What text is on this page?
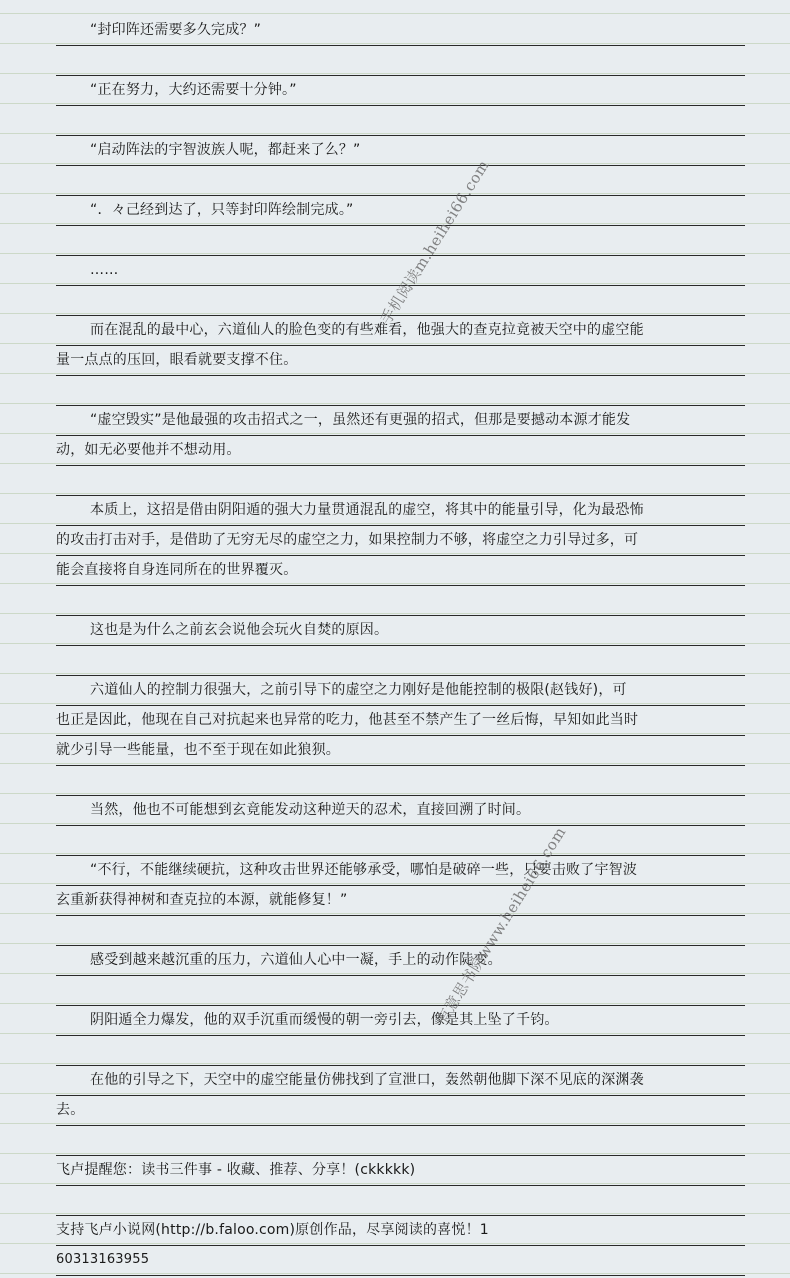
“封印阵还需要多久完成？”
“正在努力，大约还需要十分钟。”
“启动阵法的宇智波族人呢，都赶来了么？”
“．々己经到达了，只等封印阵绘制完成。”
……
而在混乱的最中心，六道仙人的脸色变的有些难看，他强大的查克拉竟被天空中的虚空能
量一点点的压回，眼看就要支撑不住。
“虚空毁实”是他最强的攻击招式之一，虽然还有更强的招式，但那是要撼动本源才能发
动，如无必要他并不想动用。
本质上，这招是借由阴阳遁的强大力量贯通混乱的虚空，将其中的能量引导，化为最恐怖
的攻击打击对手，是借助了无穷无尽的虚空之力，如果控制力不够，将虚空之力引导过多，可
能会直接将自身连同所在的世界覆灭。
这也是为什么之前玄会说他会玩火自焚的原因。
六道仙人的控制力很强大，之前引导下的虚空之力刚好是他能控制的极限(赵钱好)，可
也正是因此，他现在自己对抗起来也异常的吃力，他甚至不禁产生了一丝后悔，早知如此当时
就少引导一些能量，也不至于现在如此狼狈。
当然，他也不可能想到玄竟能发动这种逆天的忍术，直接回溯了时间。
“不行，不能继续硬抗，这种攻击世界还能够承受，哪怕是破碎一些，只要击败了宇智波
玄重新获得神树和查克拉的本源，就能修复！”
感受到越来越沉重的压力，六道仙人心中一凝，手上的动作陡变。
阴阳遁全力爆发，他的双手沉重而缓慢的朝一旁引去，像是其上坠了千钧。
在他的引导之下，天空中的虚空能量仿佛找到了宣泄口，轰然朝他脚下深不见底的深渊袭
去。
飞卢提醒您：读书三件事 - 收藏、推荐、分享！(ckkkkk)
支持飞卢小说网(http://b.faloo.com)原创作品，尽享阅读的喜悦！1
60313163955
手机阅读m.heihei66.com
有意思书院www.heihei66.com
